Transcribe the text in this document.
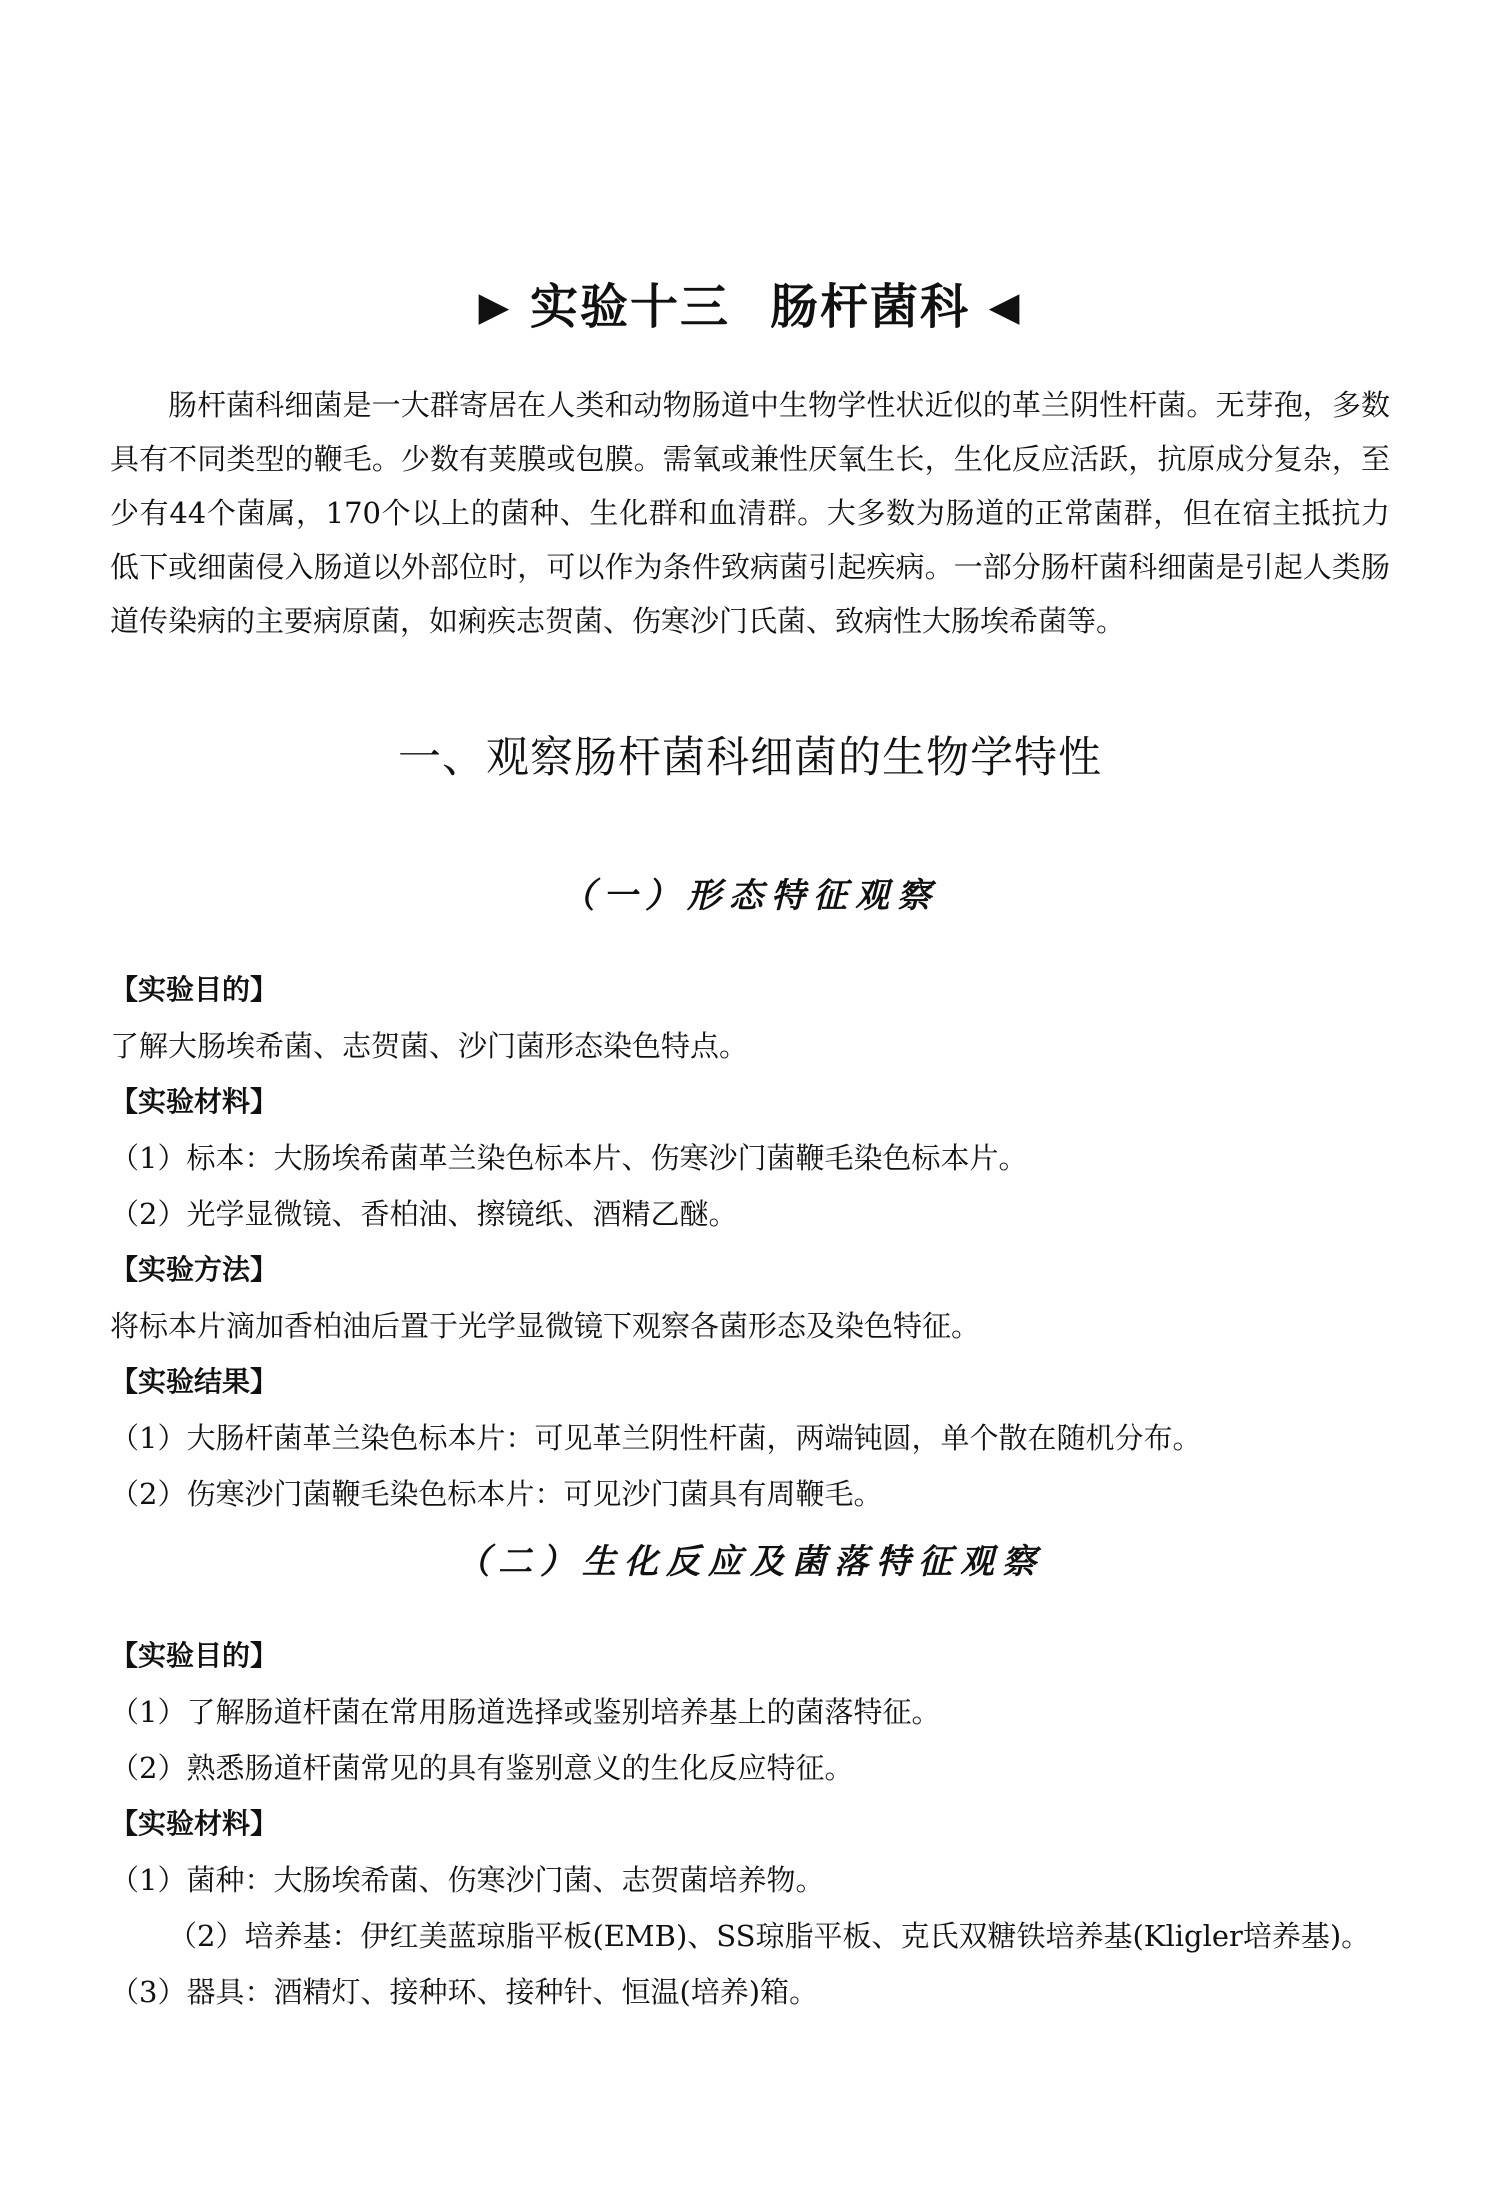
▶ 实验十三 肠杆菌科 ◀

肠杆菌科细菌是一大群寄居在人类和动物肠道中生物学性状近似的革兰阴性杆菌。无芽孢，多数具有不同类型的鞭毛。少数有荚膜或包膜。需氧或兼性厌氧生长，生化反应活跃，抗原成分复杂，至少有44个菌属，170个以上的菌种、生化群和血清群。大多数为肠道的正常菌群，但在宿主抵抗力低下或细菌侵入肠道以外部位时，可以作为条件致病菌引起疾病。一部分肠杆菌科细菌是引起人类肠道传染病的主要病原菌，如痢疾志贺菌、伤寒沙门氏菌、致病性大肠埃希菌等。

一、观察肠杆菌科细菌的生物学特性
（一）形态特征观察
【实验目的】
了解大肠埃希菌、志贺菌、沙门菌形态染色特点。
【实验材料】
（1）标本：大肠埃希菌革兰染色标本片、伤寒沙门菌鞭毛染色标本片。
（2）光学显微镜、香柏油、擦镜纸、酒精乙醚。
【实验方法】
将标本片滴加香柏油后置于光学显微镜下观察各菌形态及染色特征。
【实验结果】
（1）大肠杆菌革兰染色标本片：可见革兰阴性杆菌，两端钝圆，单个散在随机分布。
（2）伤寒沙门菌鞭毛染色标本片：可见沙门菌具有周鞭毛。
（二）生化反应及菌落特征观察
【实验目的】
（1）了解肠道杆菌在常用肠道选择或鉴别培养基上的菌落特征。
（2）熟悉肠道杆菌常见的具有鉴别意义的生化反应特征。
【实验材料】
（1）菌种：大肠埃希菌、伤寒沙门菌、志贺菌培养物。
（2）培养基：伊红美蓝琼脂平板(EMB)、SS琼脂平板、克氏双糖铁培养基(Kligler培养基)。
（3）器具：酒精灯、接种环、接种针、恒温(培养)箱。
